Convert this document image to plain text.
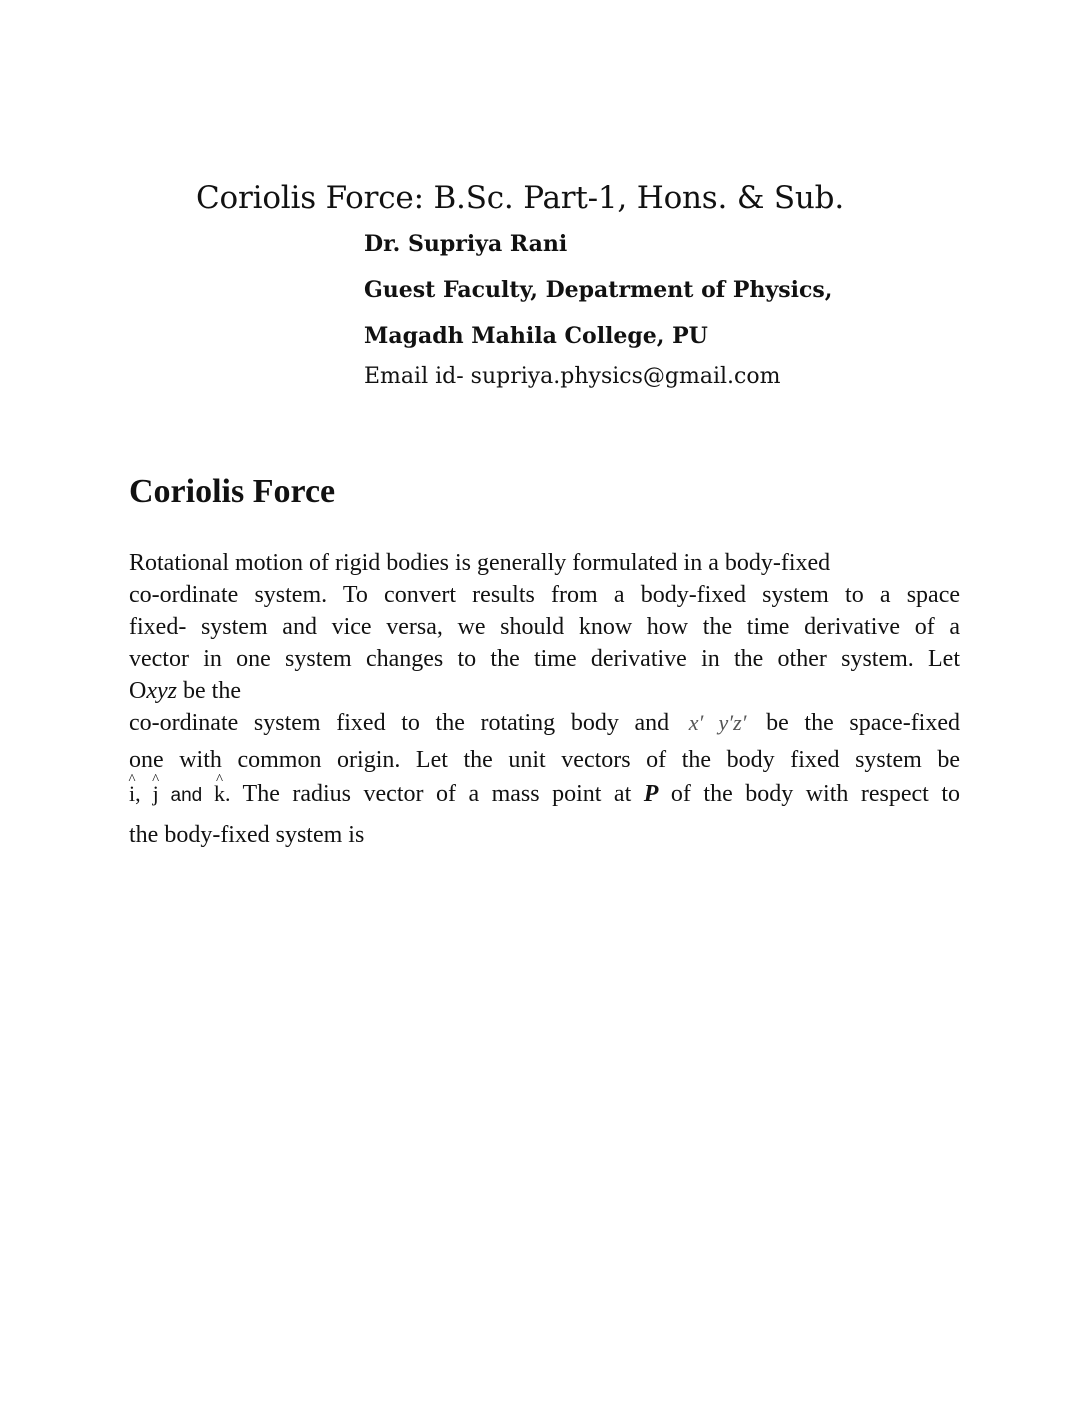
Coriolis Force: B.Sc. Part-1, Hons. & Sub.
Dr. Supriya Rani
Guest Faculty, Depatrment of Physics,
Magadh Mahila College, PU
Email id- supriya.physics@gmail.com
Coriolis Force
Rotational motion of rigid bodies is generally formulated in a body-fixed
co-ordinate system. To convert results from a body-fixed system to a space
fixed- system and vice versa, we should know how the time derivative of a
vector in one system changes to the time derivative in the other system. Let
Oxyz be the
co-ordinate system fixed to the rotating body and x′ y′z′ be the space-fixed
one with common origin. Let the unit vectors of the body fixed system be
^ i, ^ j and ^ k. The radius vector of a mass point at P of the body with respect to
the body-fixed system is
